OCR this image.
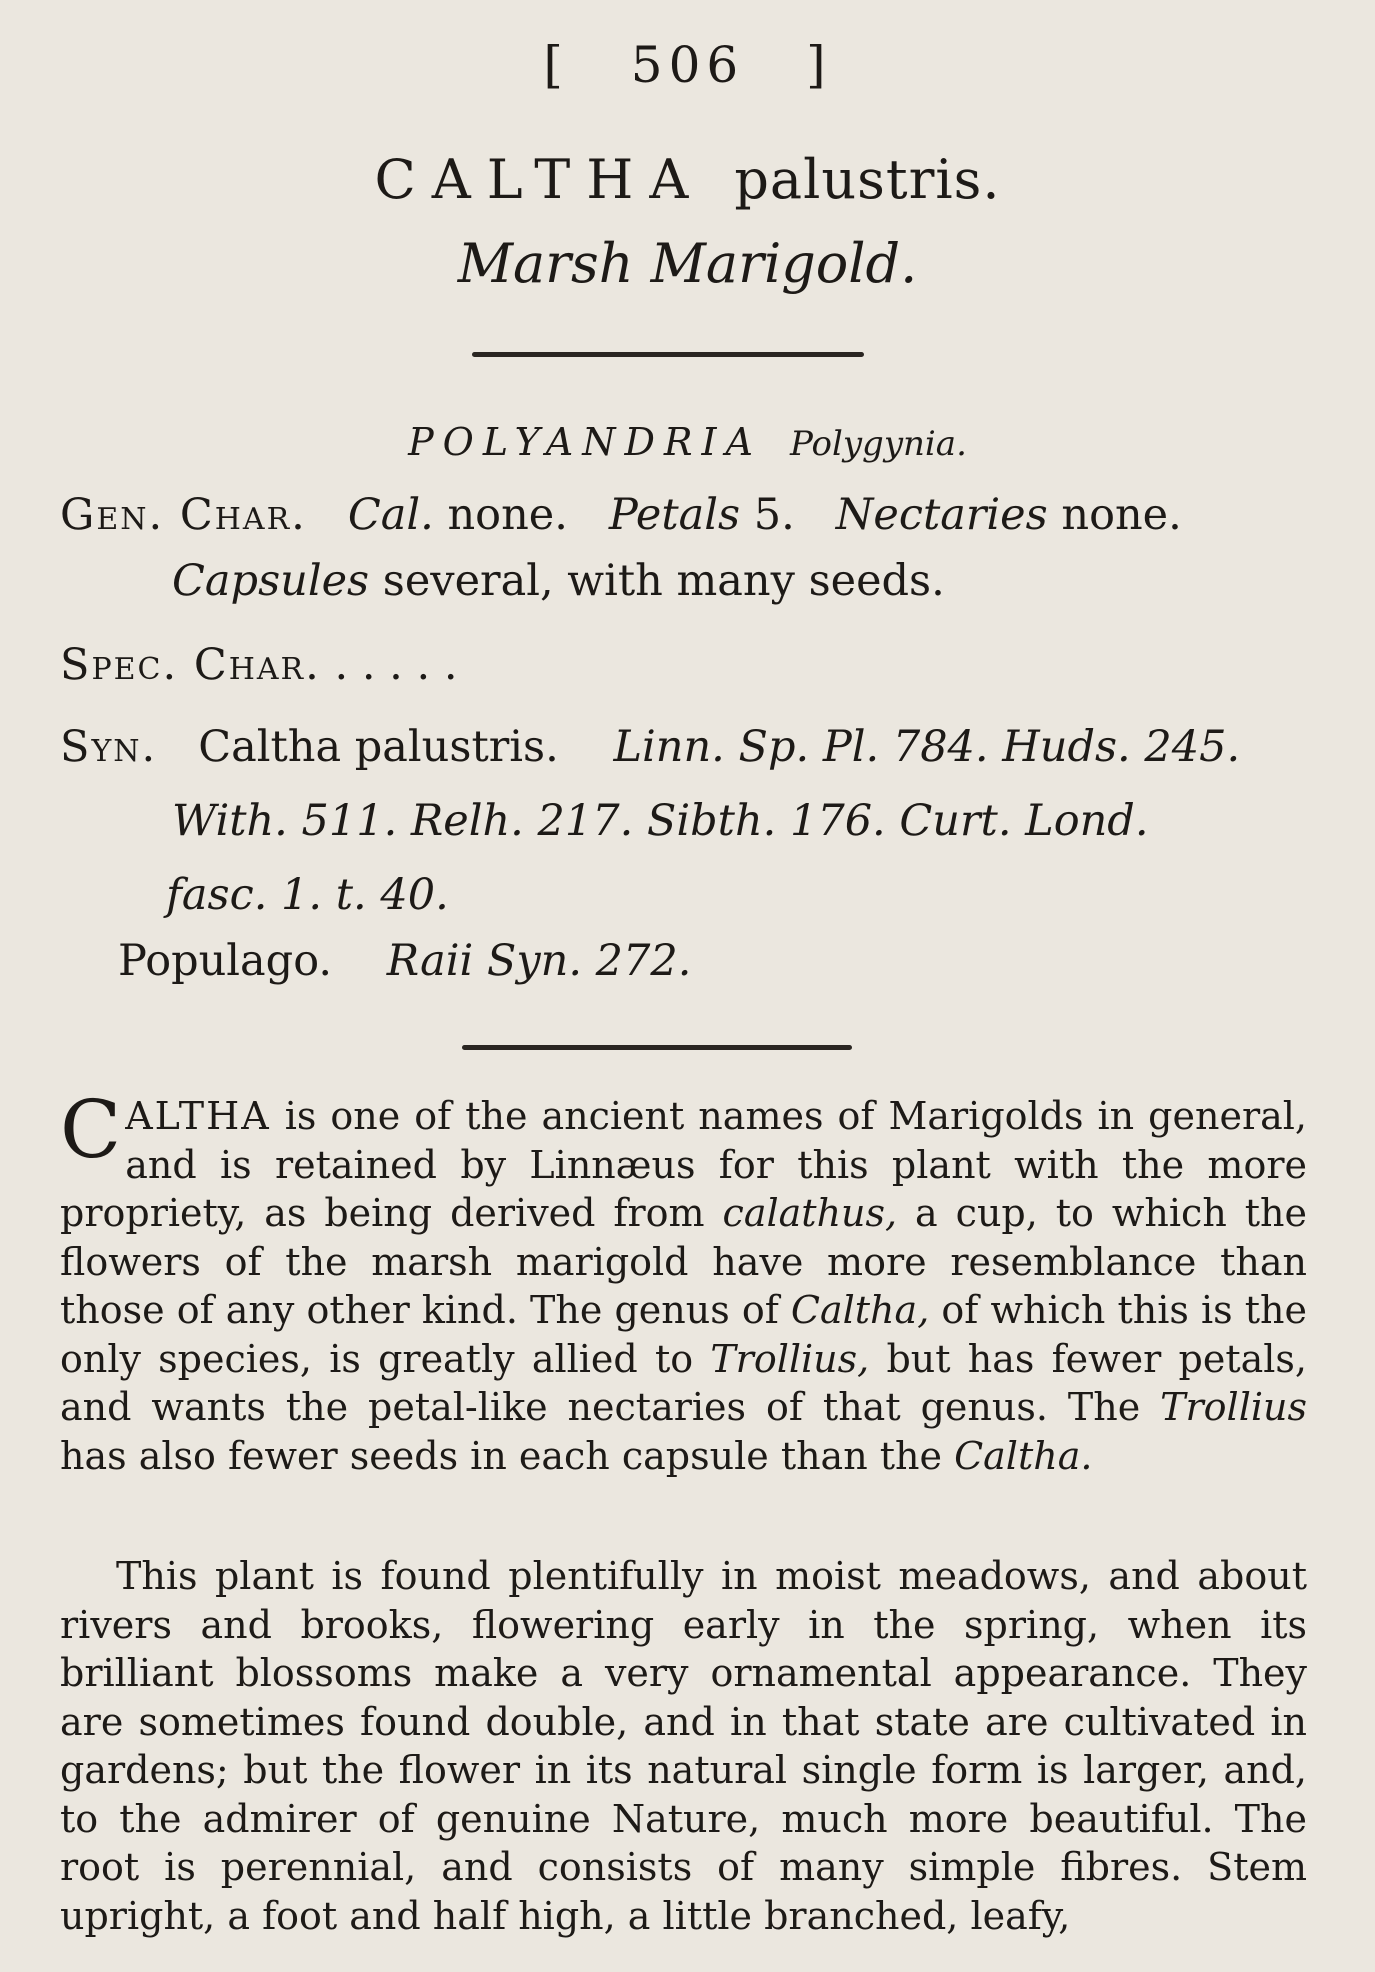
[ 506 ]
CALTHA palustris.
Marsh Marigold.
POLYANDRIA Polygynia.
Gen. Char. Cal. none.   Petals 5.   Nectaries none.
Capsules several, with many seeds.
Spec. Char. . . . . .
Syn. Caltha palustris. Linn. Sp. Pl. 784. Huds. 245.
With. 511. Relh. 217. Sibth. 176. Curt. Lond.
fasc. 1. t. 40.
Populago. Raii Syn. 272.
CALTHA is one of the ancient names of Marigolds in general, and is retained by Linnæus for this plant with the more propriety, as being derived from calathus, a cup, to which the flowers of the marsh marigold have more resemblance than those of any other kind. The genus of Caltha, of which this is the only species, is greatly allied to Trollius, but has fewer petals, and wants the petal-like nectaries of that genus. The Trollius has also fewer seeds in each capsule than the Caltha.
This plant is found plentifully in moist meadows, and about rivers and brooks, flowering early in the spring, when its brilliant blossoms make a very ornamental appearance. They are sometimes found double, and in that state are cultivated in gardens; but the flower in its natural single form is larger, and, to the admirer of genuine Nature, much more beautiful. The root is perennial, and consists of many simple fibres. Stem upright, a foot and half high, a little branched, leafy,
